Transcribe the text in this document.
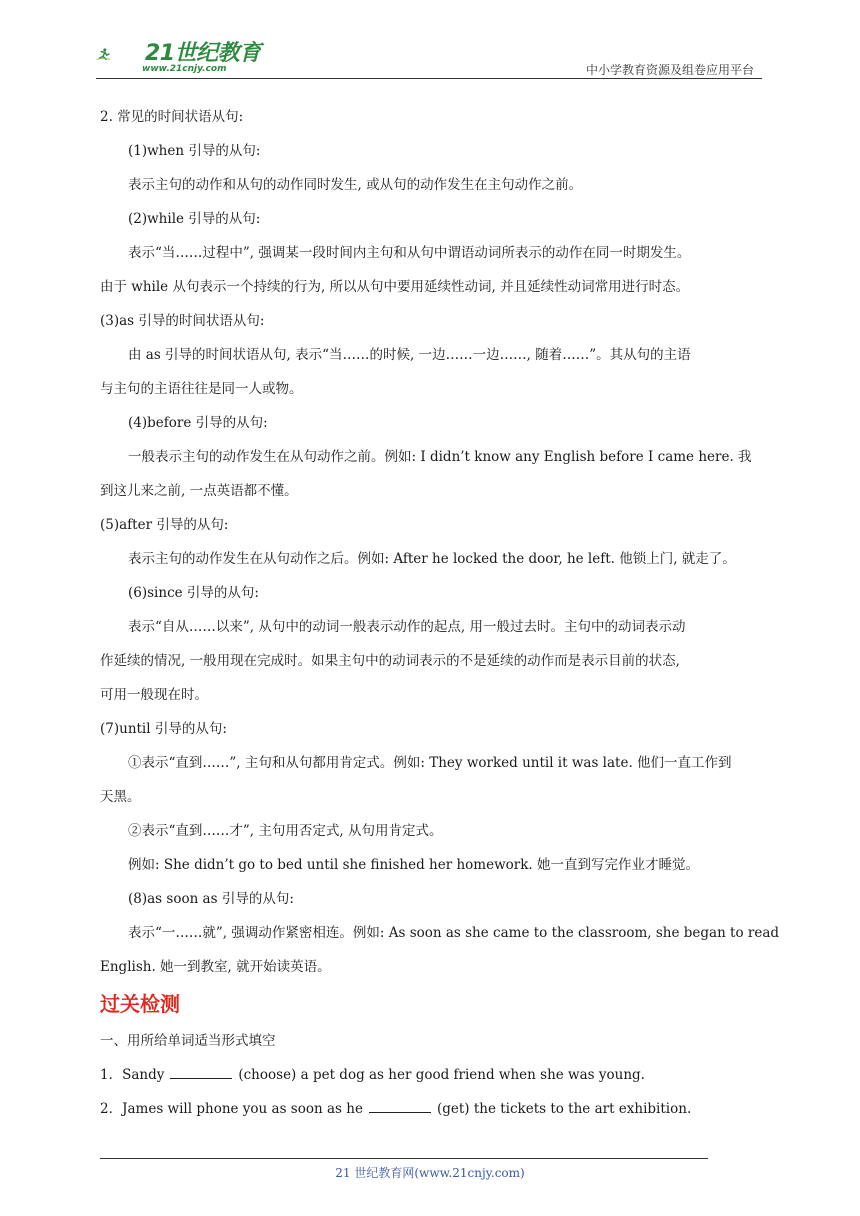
21世纪教育
www.21cnjy.com	中小学教育资源及组卷应用平台
2. 常见的时间状语从句:
(1)when 引导的从句:
表示主句的动作和从句的动作同时发生, 或从句的动作发生在主句动作之前。
(2)while 引导的从句:
表示“当……过程中”, 强调某一段时间内主句和从句中谓语动词所表示的动作在同一时期发生。
由于 while 从句表示一个持续的行为, 所以从句中要用延续性动词, 并且延续性动词常用进行时态。
(3)as 引导的时间状语从句:
由 as 引导的时间状语从句, 表示“当……的时候, 一边……一边……, 随着……”。其从句的主语
与主句的主语往往是同一人或物。
(4)before 引导的从句:
一般表示主句的动作发生在从句动作之前。例如: I didn’t know any English before I came here. 我
到这儿来之前, 一点英语都不懂。
(5)after 引导的从句:
表示主句的动作发生在从句动作之后。例如: After he locked the door, he left. 他锁上门, 就走了。
(6)since 引导的从句:
表示“自从……以来”, 从句中的动词一般表示动作的起点, 用一般过去时。主句中的动词表示动
作延续的情况, 一般用现在完成时。如果主句中的动词表示的不是延续的动作而是表示目前的状态,
可用一般现在时。
(7)until 引导的从句:
①表示“直到……”, 主句和从句都用肯定式。例如: They worked until it was late. 他们一直工作到
天黑。
②表示“直到……才”, 主句用否定式, 从句用肯定式。
例如: She didn’t go to bed until she finished her homework. 她一直到写完作业才睡觉。
(8)as soon as 引导的从句:
表示“一……就”, 强调动作紧密相连。例如: As soon as she came to the classroom, she began to read
English. 她一到教室, 就开始读英语。
过关检测
一、用所给单词适当形式填空
1．Sandy	(choose) a pet dog as her good friend when she was young.
2．James will phone you as soon as he	(get) the tickets to the art exhibition.
21 世纪教育网(www.21cnjy.com)
